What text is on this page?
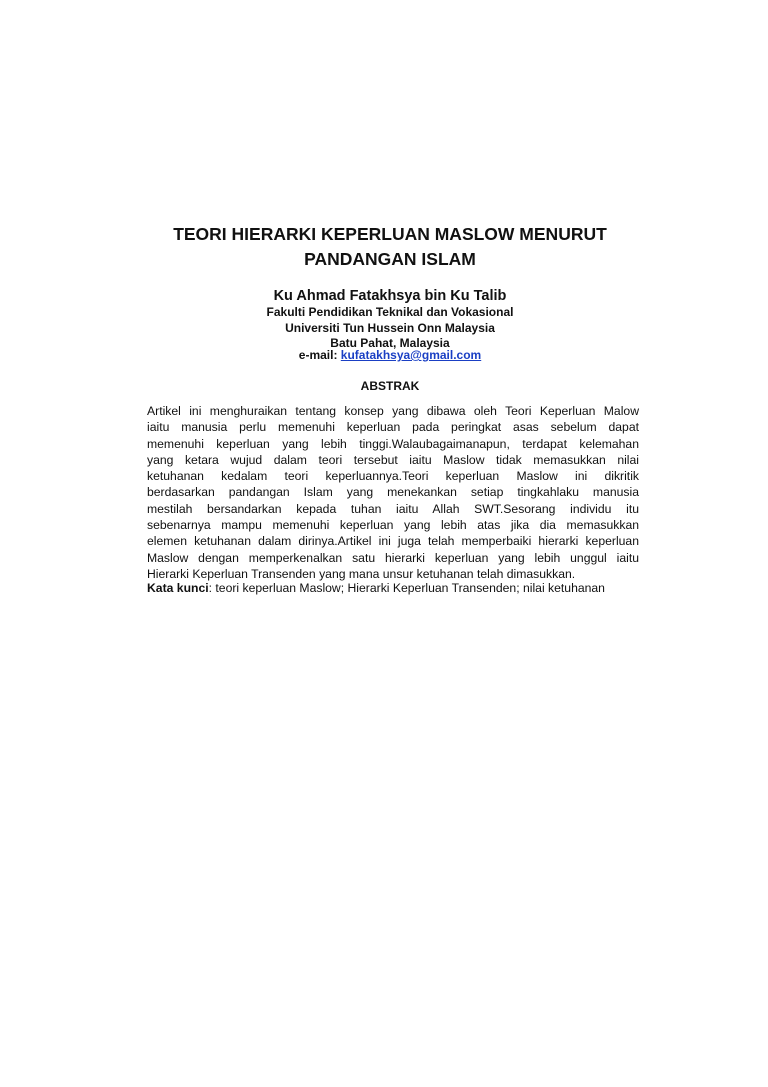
TEORI HIERARKI KEPERLUAN MASLOW MENURUT
PANDANGAN ISLAM

Ku Ahmad Fatakhsya bin Ku Talib

Fakulti Pendidikan Teknikal dan Vokasional
Universiti Tun Hussein Onn Malaysia
Batu Pahat, Malaysia
e-mail: kufatakhsya@gmail.com
ABSTRAK

Artikel ini menghuraikan tentang konsep yang dibawa oleh Teori Keperluan Malow
iaitu manusia perlu memenuhi keperluan pada peringkat asas sebelum dapat
memenuhi keperluan yang lebih tinggi.Walaubagaimanapun, terdapat kelemahan
yang ketara wujud dalam teori tersebut iaitu Maslow tidak memasukkan nilai
ketuhanan kedalam teori keperluannya.Teori keperluan Maslow ini dikritik
berdasarkan pandangan Islam yang menekankan setiap tingkahlaku manusia
mestilah bersandarkan kepada tuhan iaitu Allah SWT.Sesorang individu itu
sebenarnya mampu memenuhi keperluan yang lebih atas jika dia memasukkan
elemen ketuhanan dalam dirinya.Artikel ini juga telah memperbaiki hierarki keperluan
Maslow dengan memperkenalkan satu hierarki keperluan yang lebih unggul iaitu
Hierarki Keperluan Transenden yang mana unsur ketuhanan telah dimasukkan.

Kata kunci: teori keperluan Maslow; Hierarki Keperluan Transenden; nilai ketuhanan
